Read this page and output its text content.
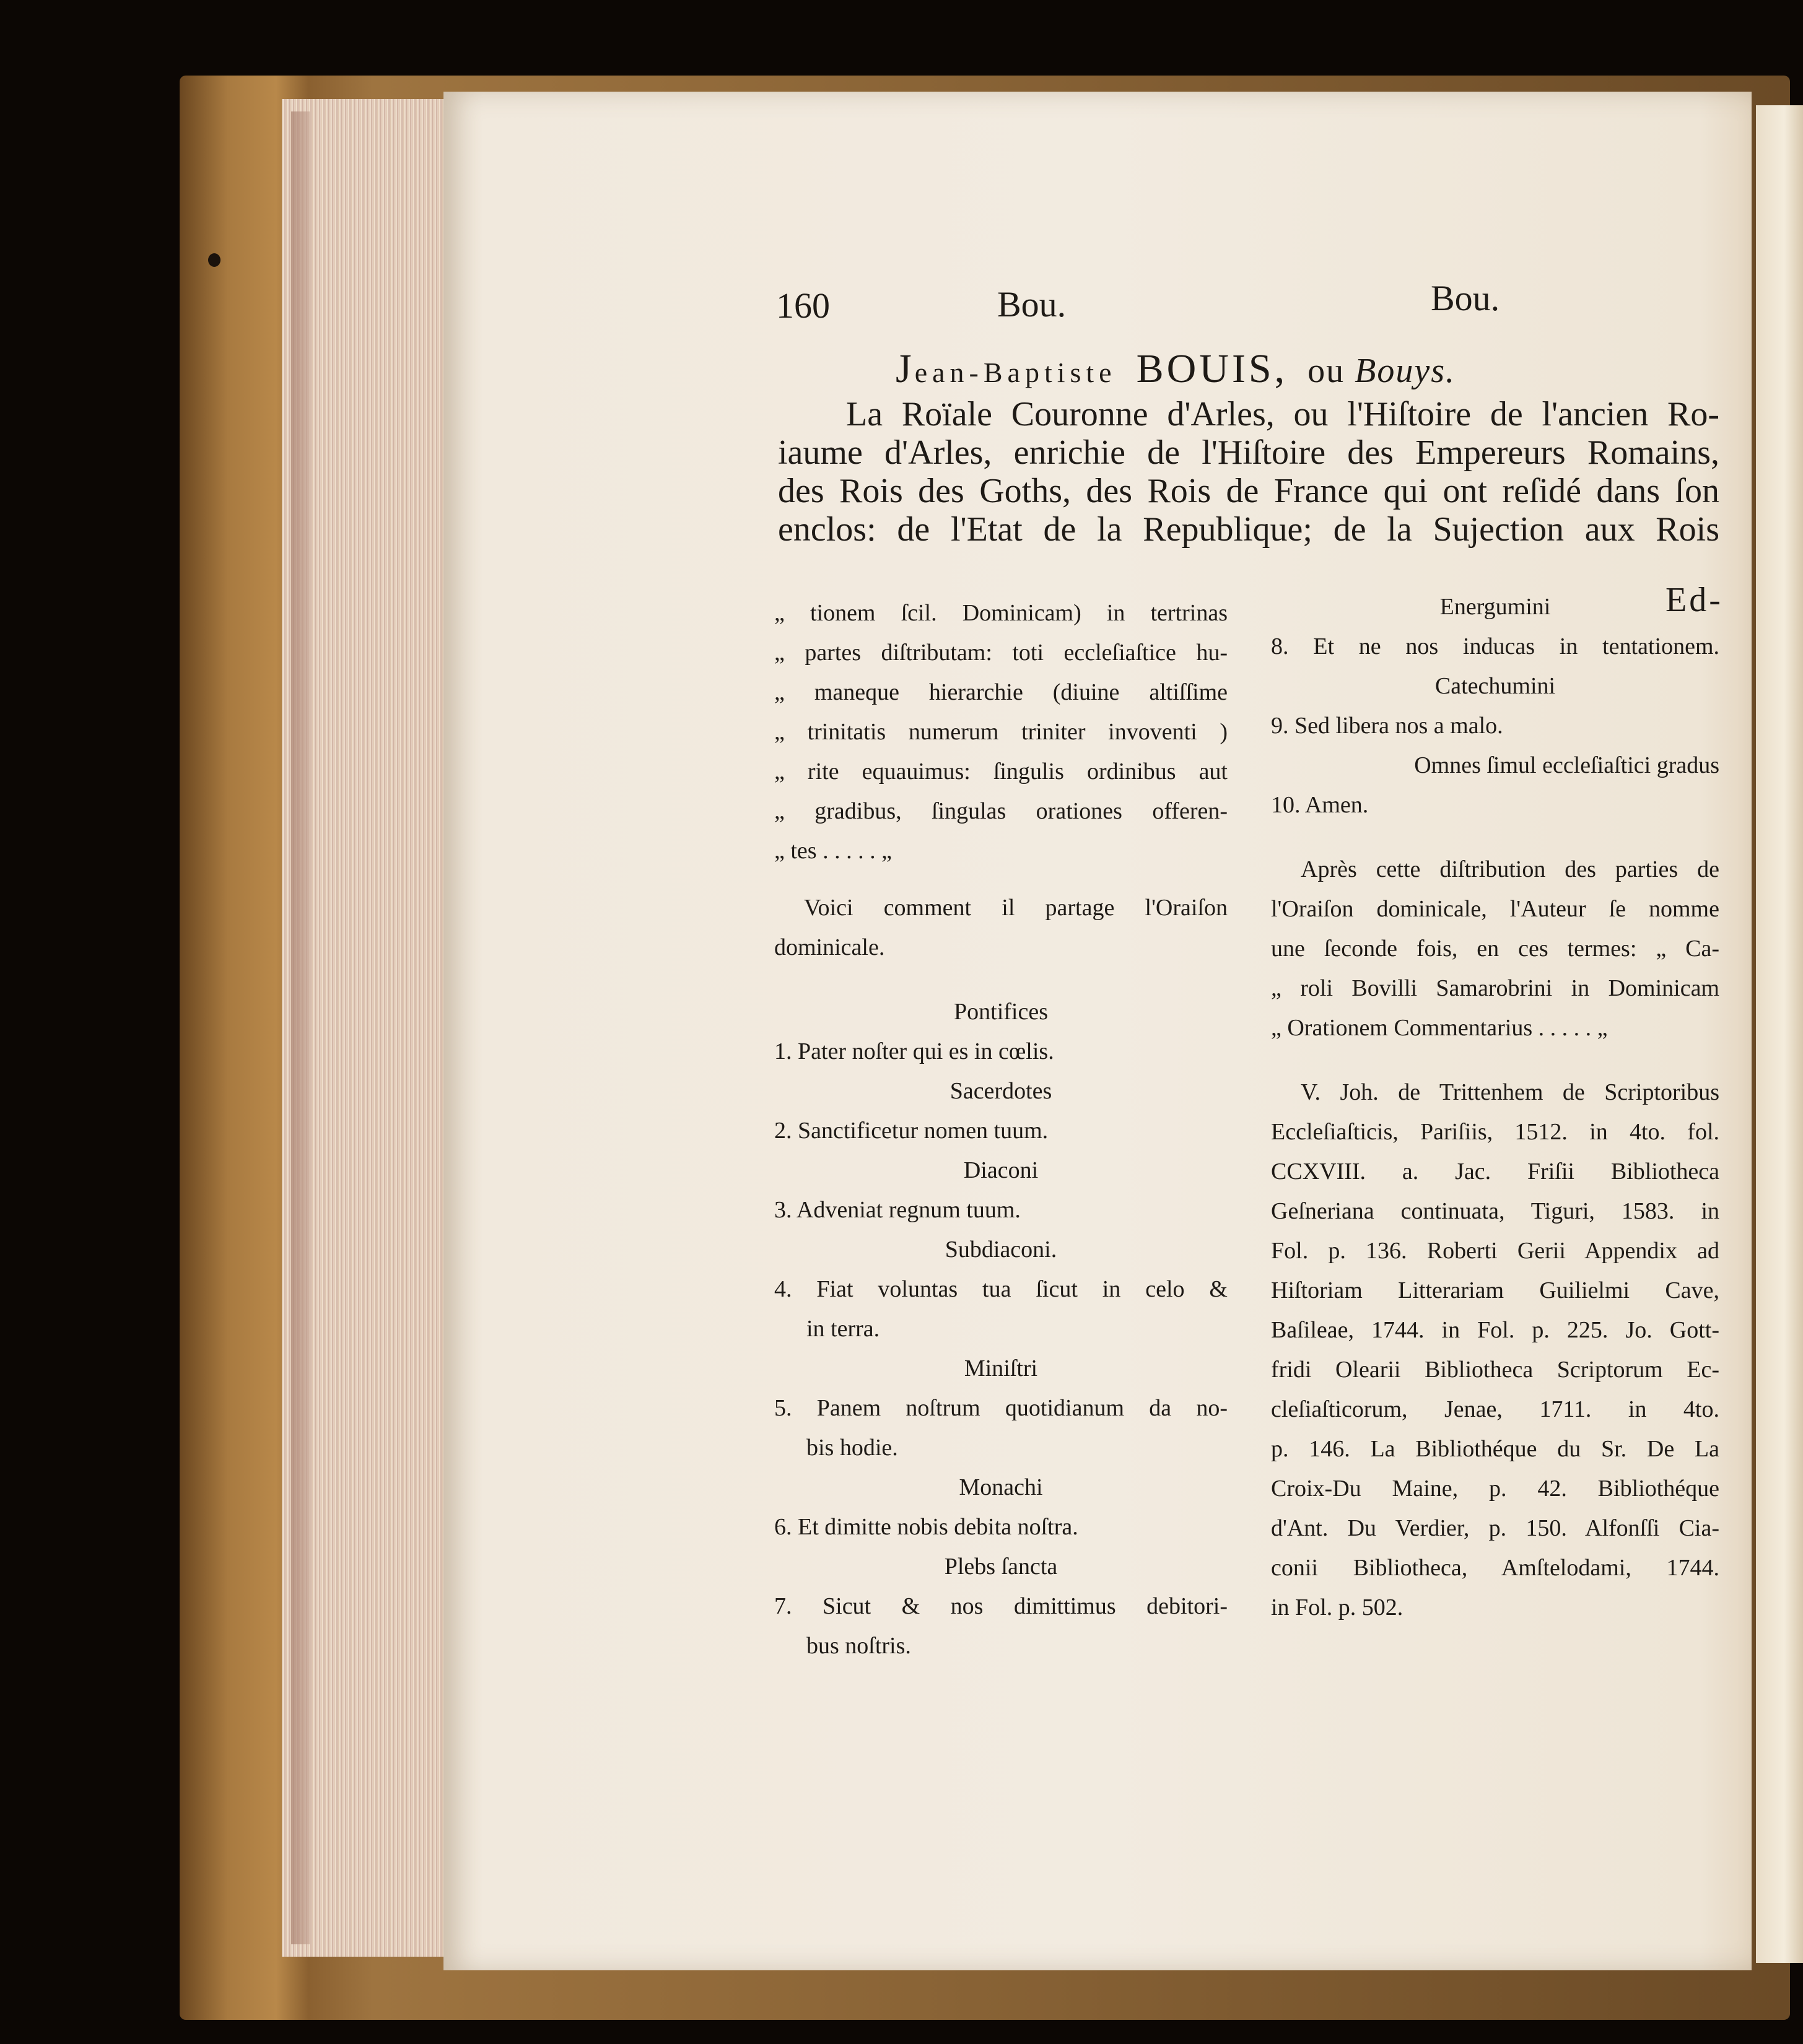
160	Bou.	Bou.
Jean-Baptiste BOUIS, ou Bouys.
La Roïale Couronne d'Arles, ou l'Hiſtoire de l'ancien Ro-
iaume d'Arles, enrichie de l'Hiſtoire des Empereurs Romains,
des Rois des Goths, des Rois de France qui ont reſidé dans ſon
enclos: de l'Etat de la Republique; de la Sujection aux Rois
Ed-
„ tionem ſcil. Dominicam) in tertrinas
„ partes diſtributam: toti eccleſiaſtice hu-
„ maneque hierarchie (diuine altiſſime
„ trinitatis numerum triniter invoventi )
„ rite equauimus: ſingulis ordinibus aut
„ gradibus, ſingulas orationes offeren-
„ tes . . . . . „
Voici comment il partage l'Oraiſon
dominicale.
Pontifices
1. Pater noſter qui es in cœlis.
Sacerdotes
2. Sanctificetur nomen tuum.
Diaconi
3. Adveniat regnum tuum.
Subdiaconi.
4. Fiat voluntas tua ſicut in celo &
in terra.
Miniſtri
5. Panem noſtrum quotidianum da no-
bis hodie.
Monachi
6. Et dimitte nobis debita noſtra.
Plebs ſancta
7. Sicut & nos dimittimus debitori-
bus noſtris.
Energumini
8. Et ne nos inducas in tentationem.
Catechumini
9. Sed libera nos a malo.
Omnes ſimul eccleſiaſtici gradus
10. Amen.
Après cette diſtribution des parties de
l'Oraiſon dominicale, l'Auteur ſe nomme
une ſeconde fois, en ces termes: „ Ca-
„ roli Bovilli Samarobrini in Dominicam
„ Orationem Commentarius . . . . . „
V. Joh. de Trittenhem de Scriptoribus
Eccleſiaſticis, Pariſiis, 1512. in 4to. fol.
CCXVIII. a. Jac. Friſii Bibliotheca
Geſneriana continuata, Tiguri, 1583. in
Fol. p. 136. Roberti Gerii Appendix ad
Hiſtoriam Litterariam Guilielmi Cave,
Baſileae, 1744. in Fol. p. 225. Jo. Gott-
fridi Olearii Bibliotheca Scriptorum Ec-
cleſiaſticorum, Jenae, 1711. in 4to.
p. 146. La Bibliothéque du Sr. De La
Croix-Du Maine, p. 42. Bibliothéque
d'Ant. Du Verdier, p. 150. Alfonſſi Cia-
conii Bibliotheca, Amſtelodami, 1744.
in Fol. p. 502.
